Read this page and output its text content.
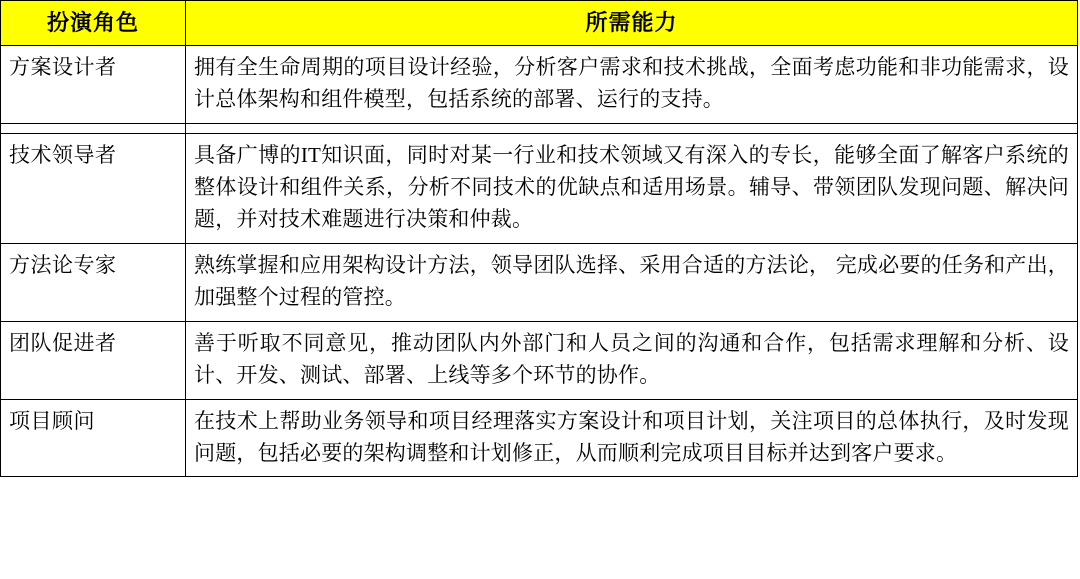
扮演角色	所需能力
方案设计者	拥有全生命周期的项目设计经验，分析客户需求和技术挑战，全面考虑功能和非功能需求，设计总体架构和组件模型，包括系统的部署、运行的支持。

技术领导者	具备广博的IT知识面，同时对某一行业和技术领域又有深入的专长，能够全面了解客户系统的整体设计和组件关系，分析不同技术的优缺点和适用场景。辅导、带领团队发现问题、解决问题，并对技术难题进行决策和仲裁。
方法论专家	熟练掌握和应用架构设计方法，领导团队选择、采用合适的方法论， 完成必要的任务和产出，加强整个过程的管控。
团队促进者	善于听取不同意见，推动团队内外部门和人员之间的沟通和合作，包括需求理解和分析、设计、开发、测试、部署、上线等多个环节的协作。
项目顾问	在技术上帮助业务领导和项目经理落实方案设计和项目计划，关注项目的总体执行，及时发现问题，包括必要的架构调整和计划修正，从而顺利完成项目目标并达到客户要求。
